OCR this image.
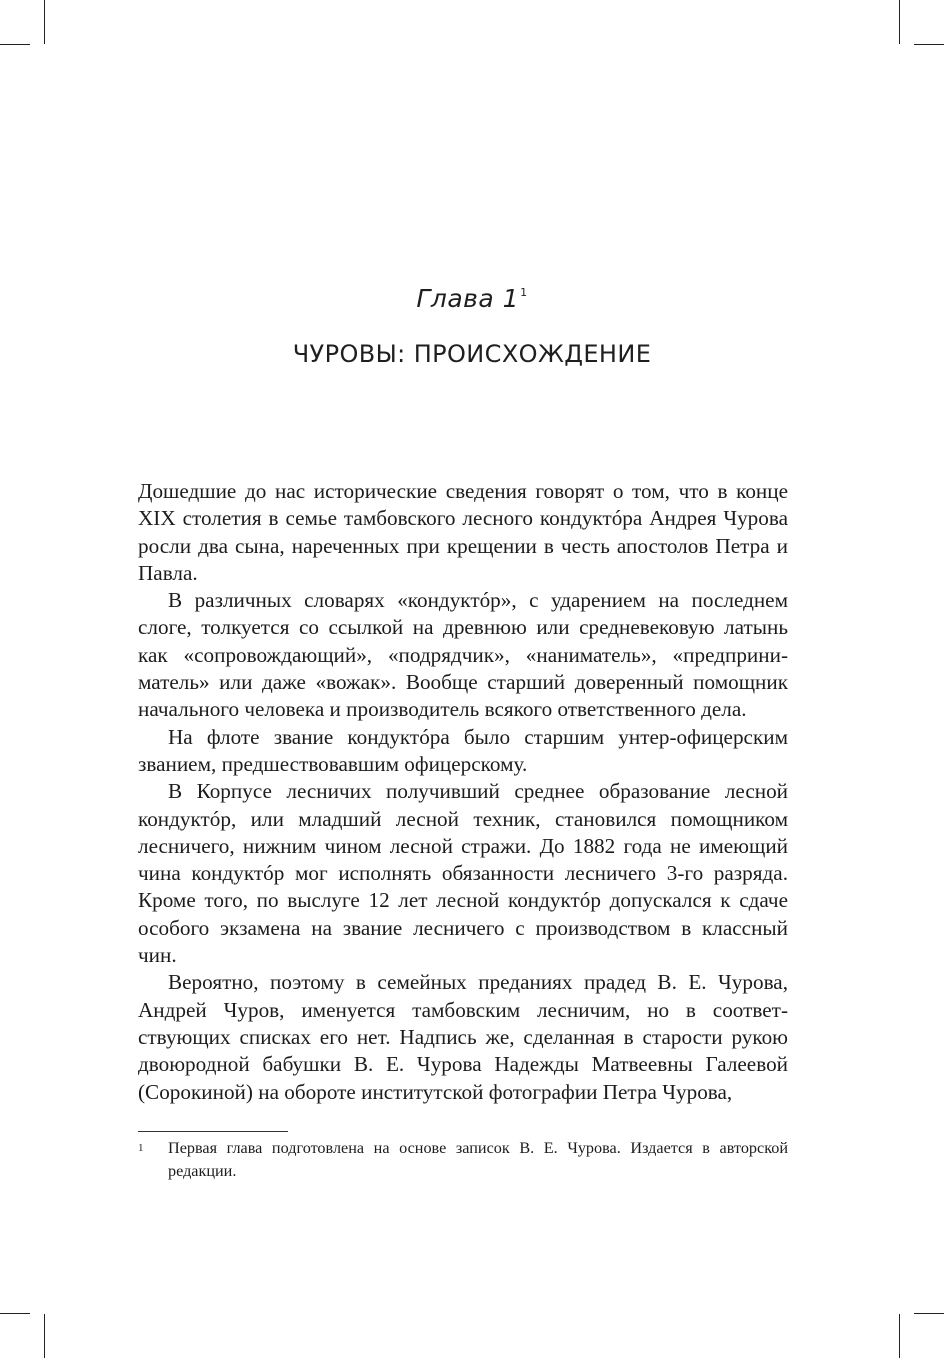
Глава $1^1$
ЧУРОВЫ: ПРОИСХОЖДЕНИЕ

Дошедшие до нас исторические сведения говорят о том, что в конце XIX столетия в семье тамбовского лесного кондуктóра Андрея Чурова росли два сына, нареченных при крещении в честь апостолов Петра и Павла.

В различных словарях «кондуктóр», с ударением на последнем слоге, толкуется со ссылкой на древнюю или средневековую латынь как «сопровождающий», «подрядчик», «наниматель», «предприниматель» или даже «вожак». Вообще старший доверенный помощник начального человека и производитель всякого ответственного дела.

На флоте звание кондуктóра было старшим унтер-офицерским званием, предшествовавшим офицерскому.

В Корпусе лесничих получивший среднее образование лесной кондуктóр, или младший лесной техник, становился помощником лесничего, нижним чином лесной стражи. До 1882 года не имеющий чина кондуктóр мог исполнять обязанности лесничего 3-го разряда. Кроме того, по выслуге 12 лет лесной кондуктóр допускался к сдаче особого экзамена на звание лесничего с производством в классный чин.

Вероятно, поэтому в семейных преданиях прадед В. Е. Чурова, Андрей Чуров, именуется тамбовским лесничим, но в соответствующих списках его нет. Надпись же, сделанная в старости рукою двоюродной бабушки В. Е. Чурова Надежды Матвеевны Галеевой (Сорокиной) на обороте институтской фотографии Петра Чурова,

1 Первая глава подготовлена на основе записок В. Е. Чурова. Издается в авторской редакции.
